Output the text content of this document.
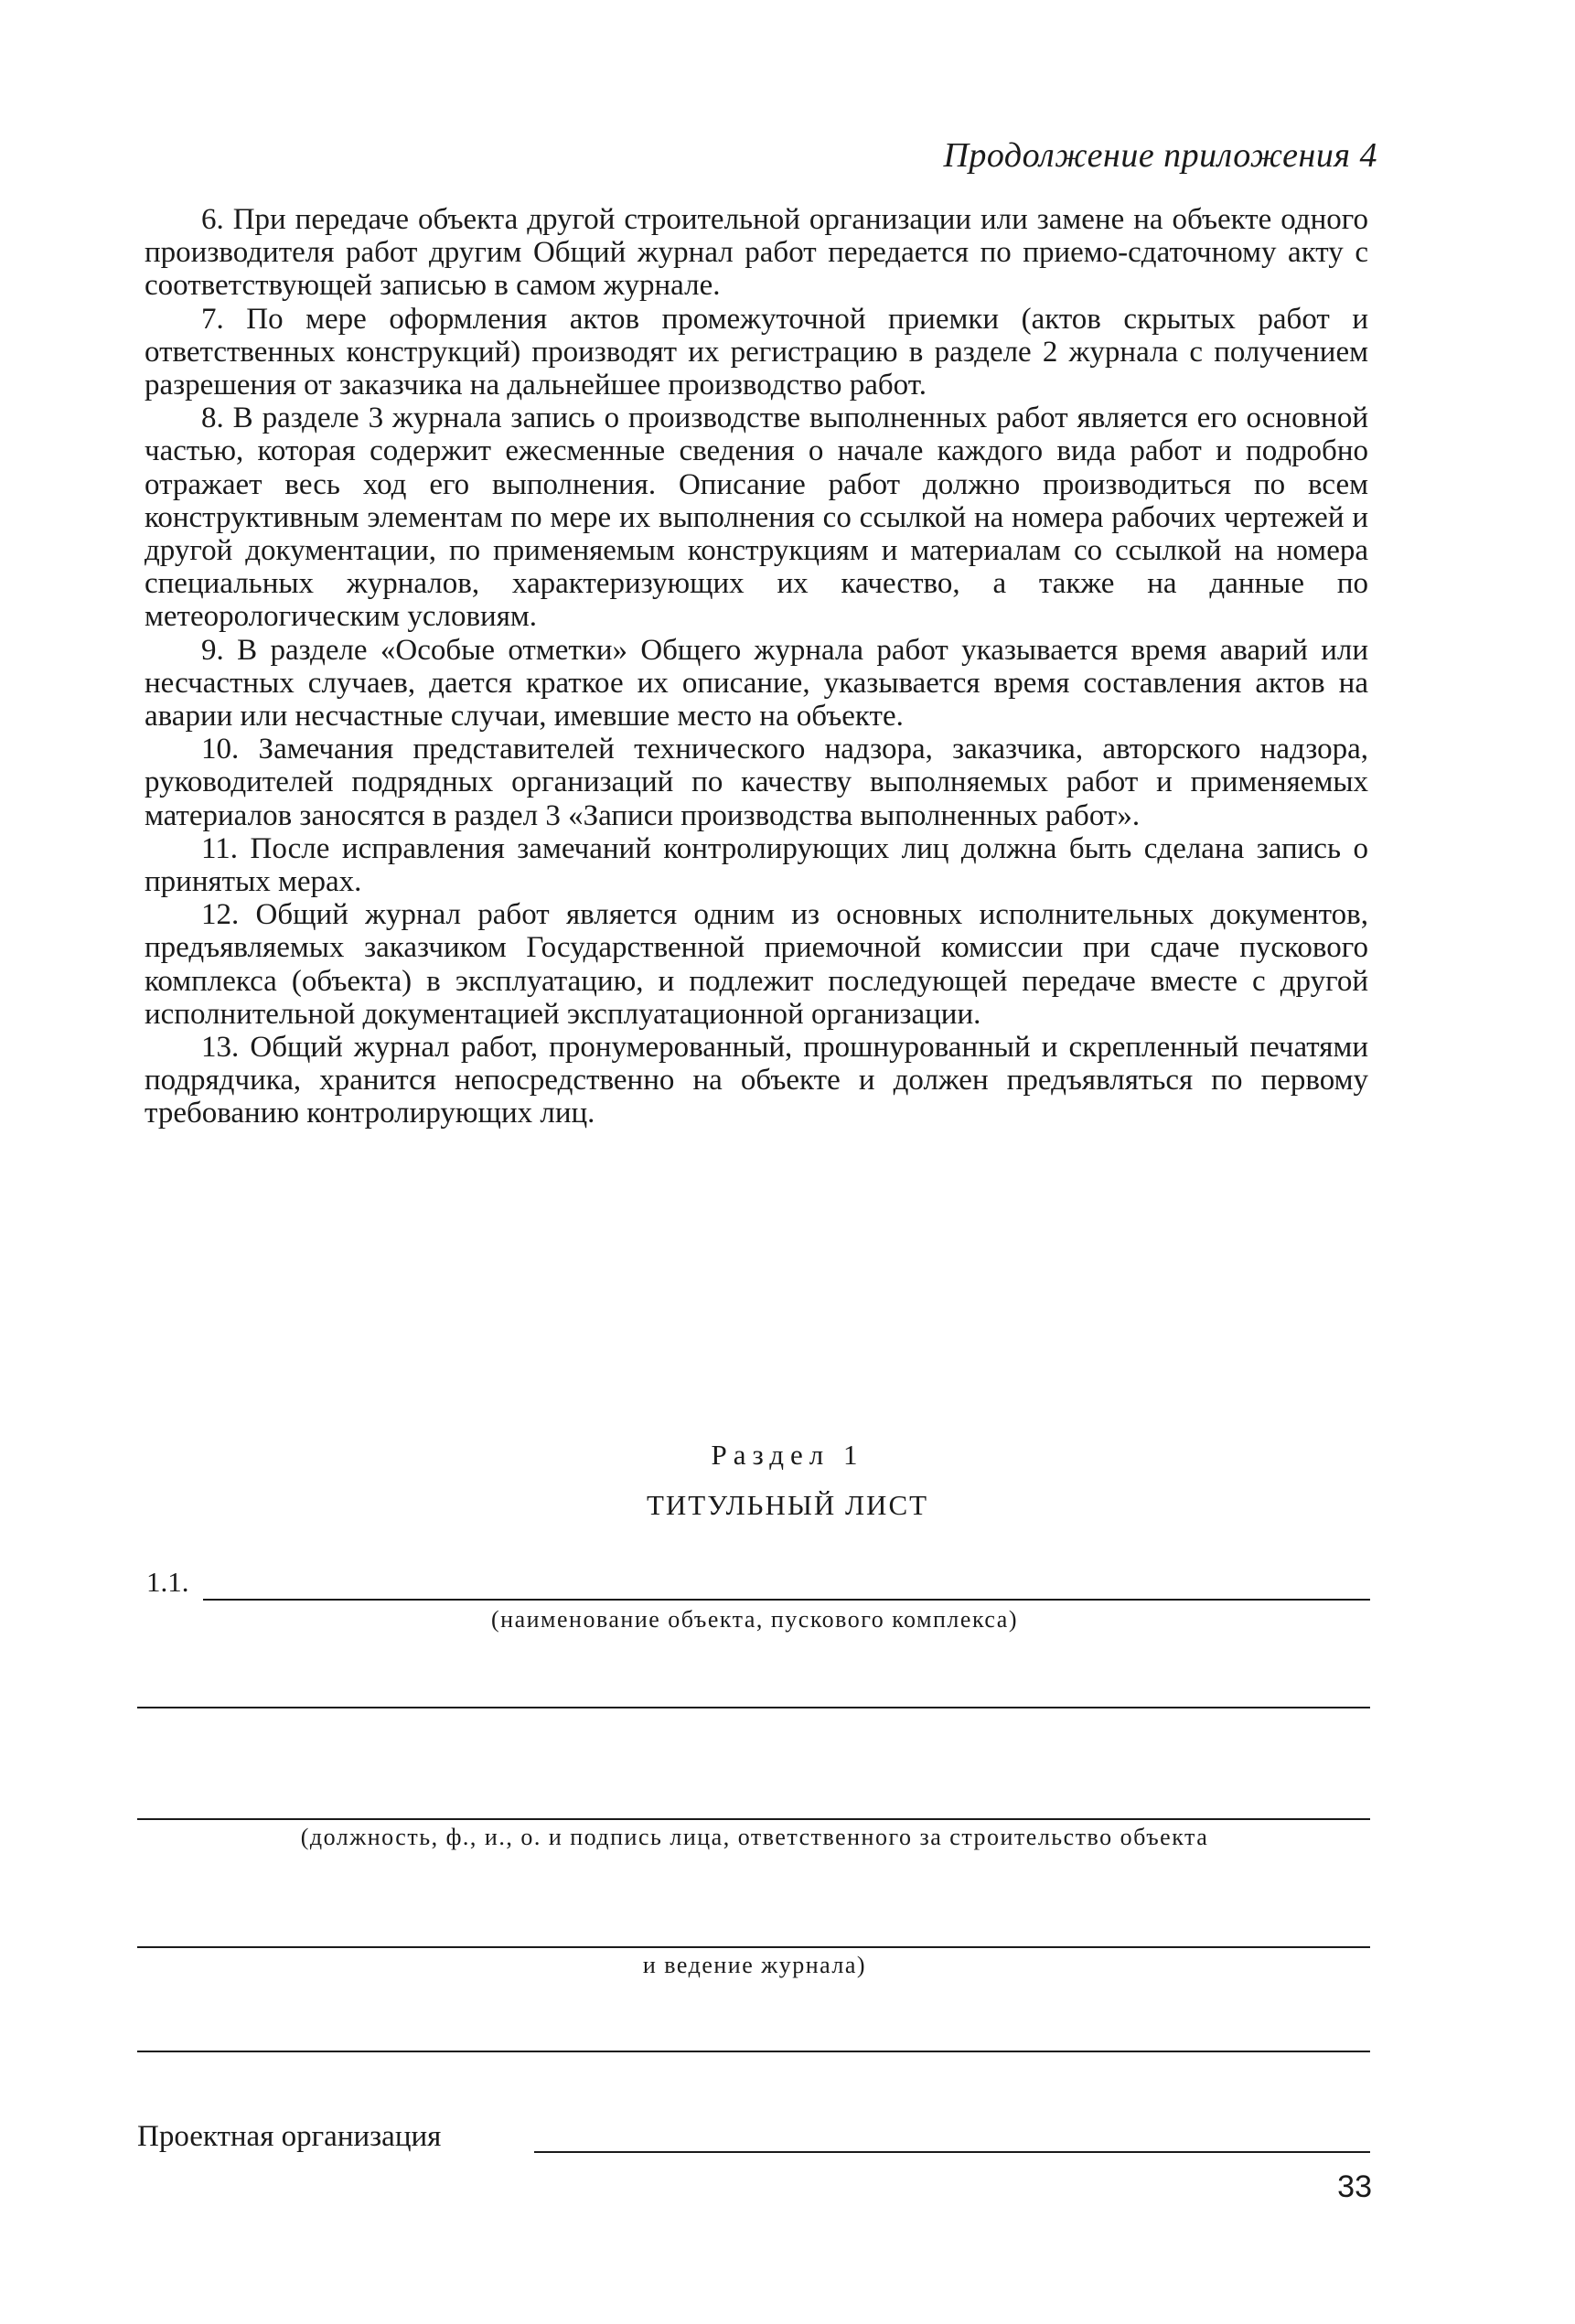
Продолжение приложения 4

6. При передаче объекта другой строительной организации или замене на объекте одного производителя работ другим Общий журнал работ передается по приемо-сдаточному акту с соответствующей записью в самом журнале.

7. По мере оформления актов промежуточной приемки (актов скрытых работ и ответственных конструкций) производят их регистрацию в разделе 2 журнала с получением разрешения от заказчика на дальнейшее производство работ.

8. В разделе 3 журнала запись о производстве выполненных работ является его основной частью, которая содержит ежесменные сведения о начале каждого вида работ и подробно отражает весь ход его выполнения. Описание работ должно производиться по всем конструктивным элементам по мере их выполнения со ссылкой на номера рабочих чертежей и другой документации, по применяемым конструкциям и материалам со ссылкой на номера специальных журналов, характеризующих их качество, а также на данные по метеорологическим условиям.

9. В разделе «Особые отметки» Общего журнала работ указывается время аварий или несчастных случаев, дается краткое их описание, указывается время составления актов на аварии или несчастные случаи, имевшие место на объекте.

10. Замечания представителей технического надзора, заказчика, авторского надзора, руководителей подрядных организаций по качеству выполняемых работ и применяемых материалов заносятся в раздел 3 «Записи производства выполненных работ».

11. После исправления замечаний контролирующих лиц должна быть сделана запись о принятых мерах.

12. Общий журнал работ является одним из основных исполнительных документов, предъявляемых заказчиком Государственной приемочной комиссии при сдаче пускового комплекса (объекта) в эксплуатацию, и подлежит последующей передаче вместе с другой исполнительной документацией эксплуатационной организации.

13. Общий журнал работ, пронумерованный, прошнурованный и скрепленный печатями подрядчика, хранится непосредственно на объекте и должен предъявляться по первому требованию контролирующих лиц.

Раздел 1
ТИТУЛЬНЫЙ ЛИСТ
1.1.
(наименование объекта, пускового комплекса)
(должность, ф., и., о. и подпись лица, ответственного за строительство объекта
и ведение журнала)
Проектная организация
33
